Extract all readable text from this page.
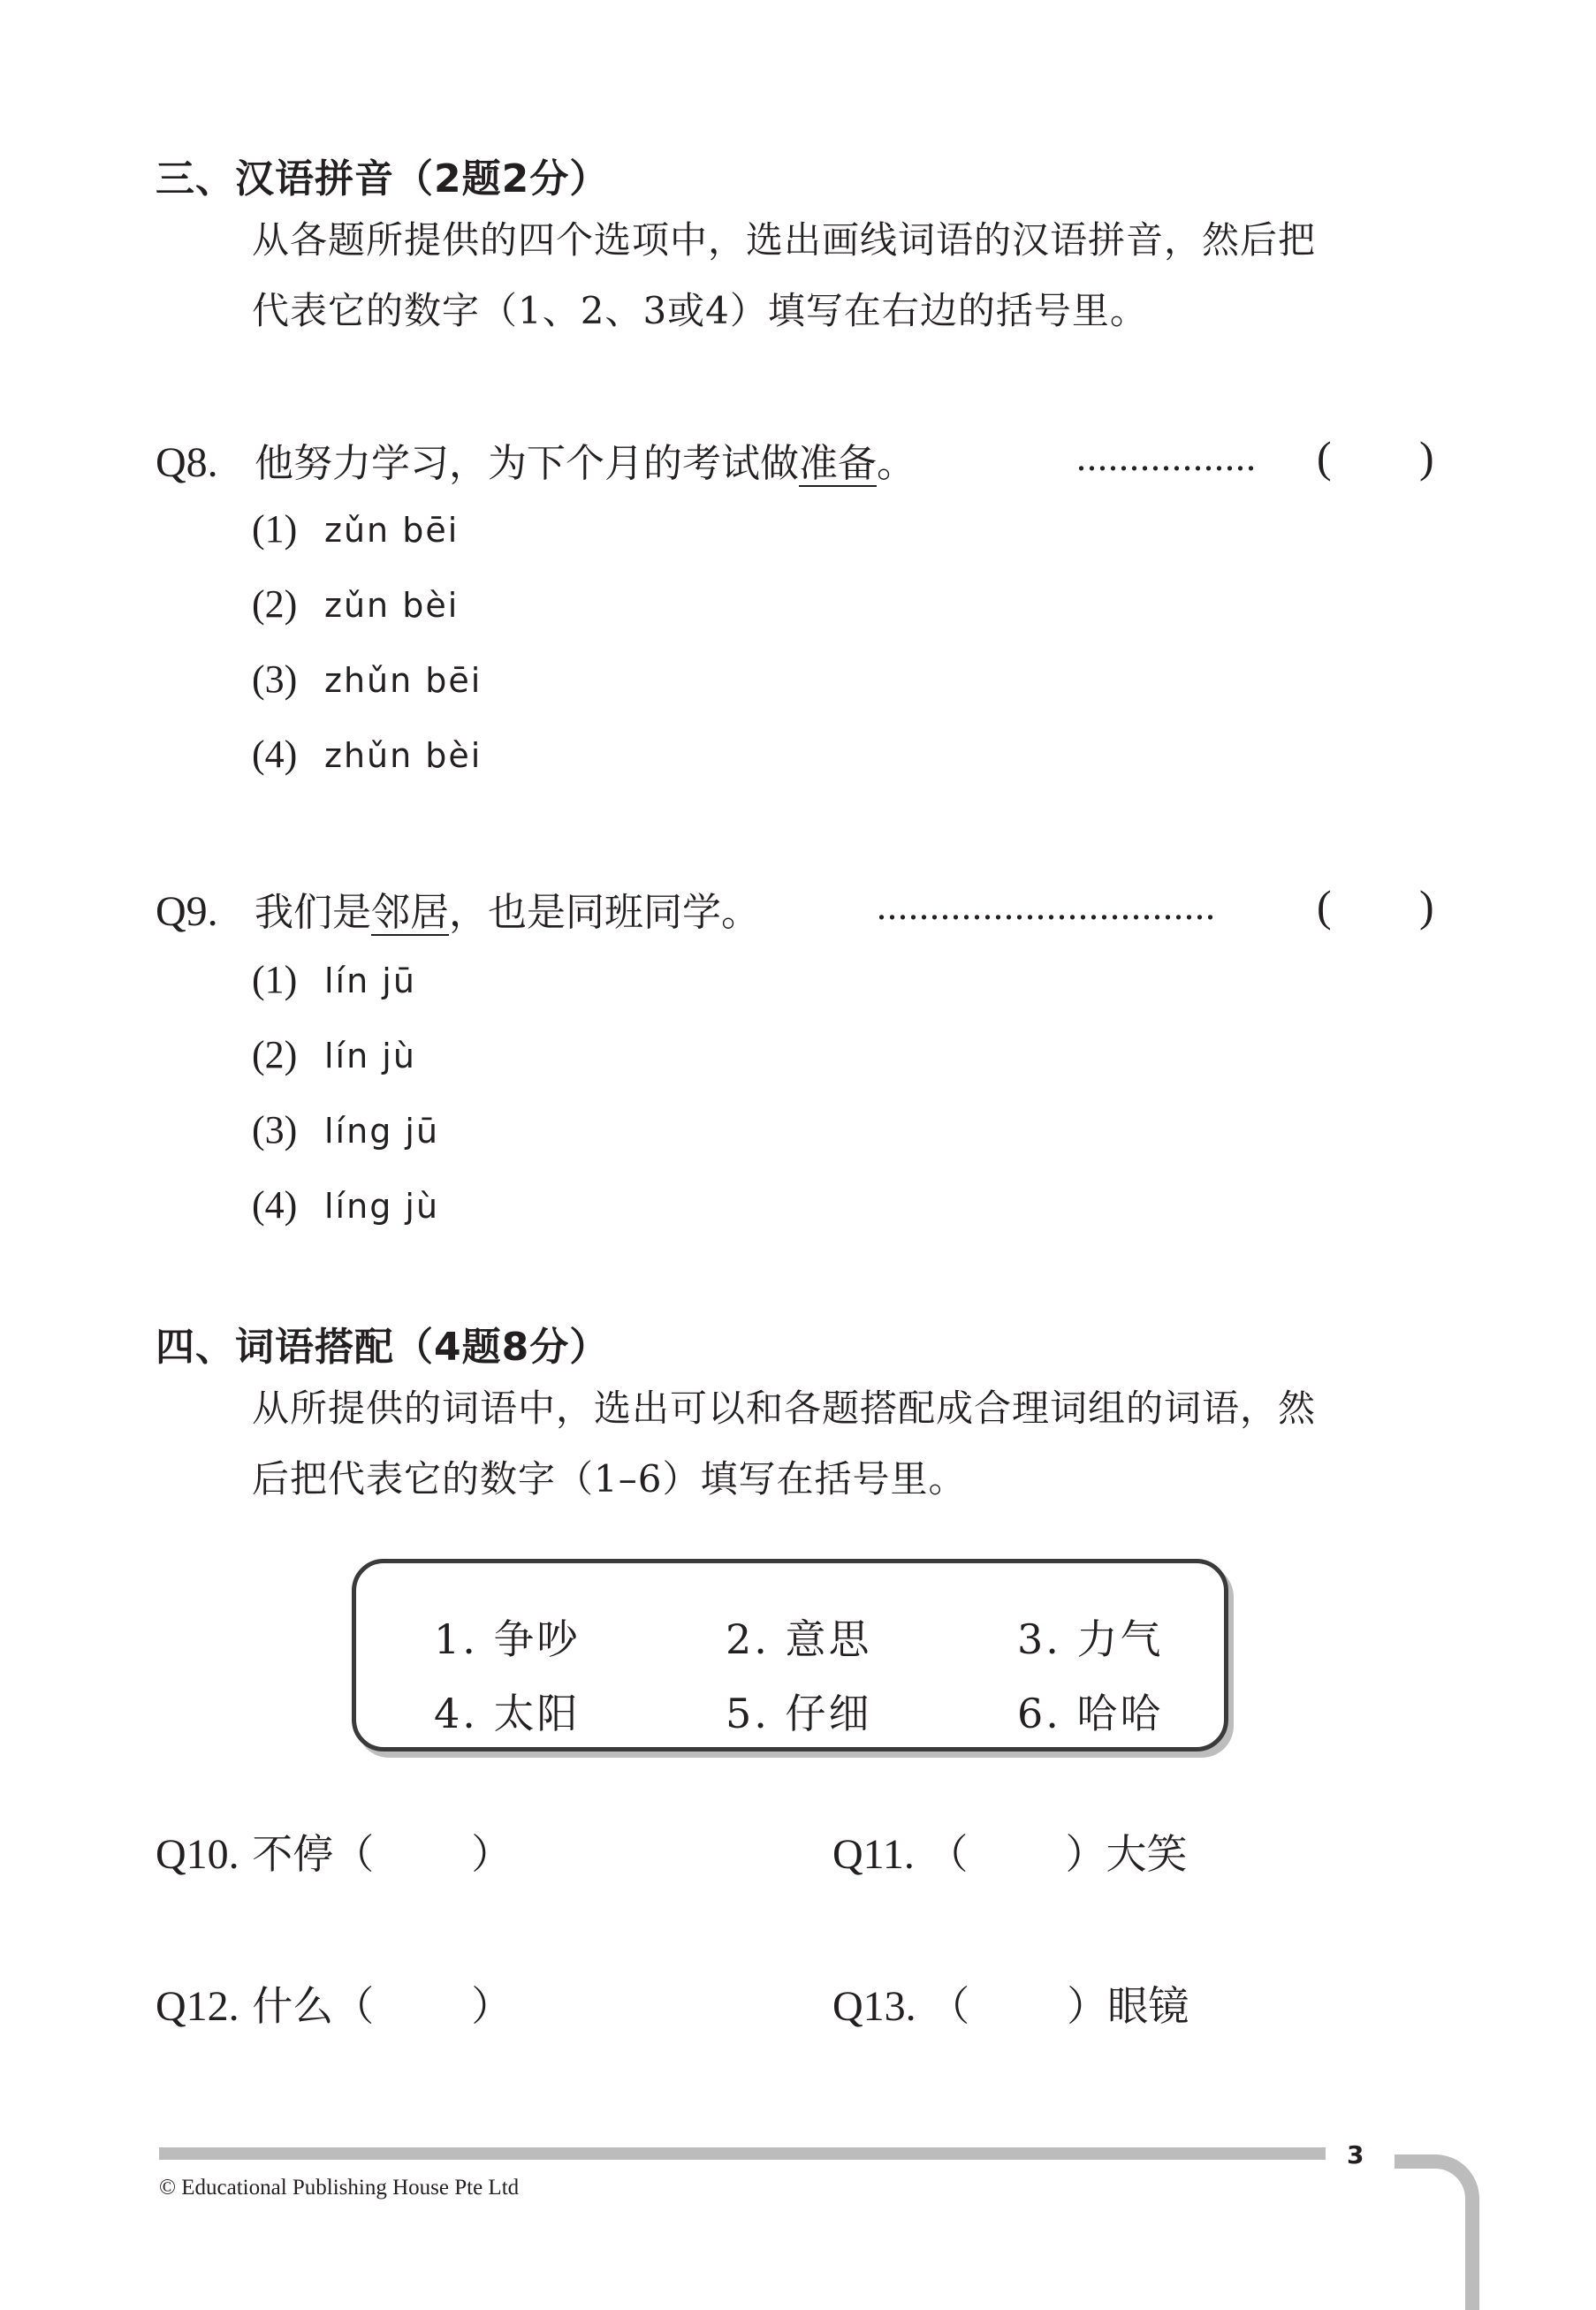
三、汉语拼音（2题2分）
从各题所提供的四个选项中，选出画线词语的汉语拼音，然后把
代表它的数字（1、2、3或4）填写在右边的括号里。
Q8. 他努力学习，为下个月的考试做准备。	................. ( )
(1) zǔn bēi
(2) zǔn bèi
(3) zhǔn bēi
(4) zhǔn bèi
Q9. 我们是邻居，也是同班同学。	................................ ( )
(1) lín jū
(2) lín jù
(3) líng jū
(4) líng jù
四、词语搭配（4题8分）
从所提供的词语中，选出可以和各题搭配成合理词组的词语，然
后把代表它的数字（1–6）填写在括号里。
1. 争吵	2. 意思	3. 力气
4. 太阳	5. 仔细	6. 哈哈
Q10. 不停（ ）	Q11. （ ）大笑
Q12. 什么（ ）	Q13. （ ）眼镜
3
© Educational Publishing House Pte Ltd
